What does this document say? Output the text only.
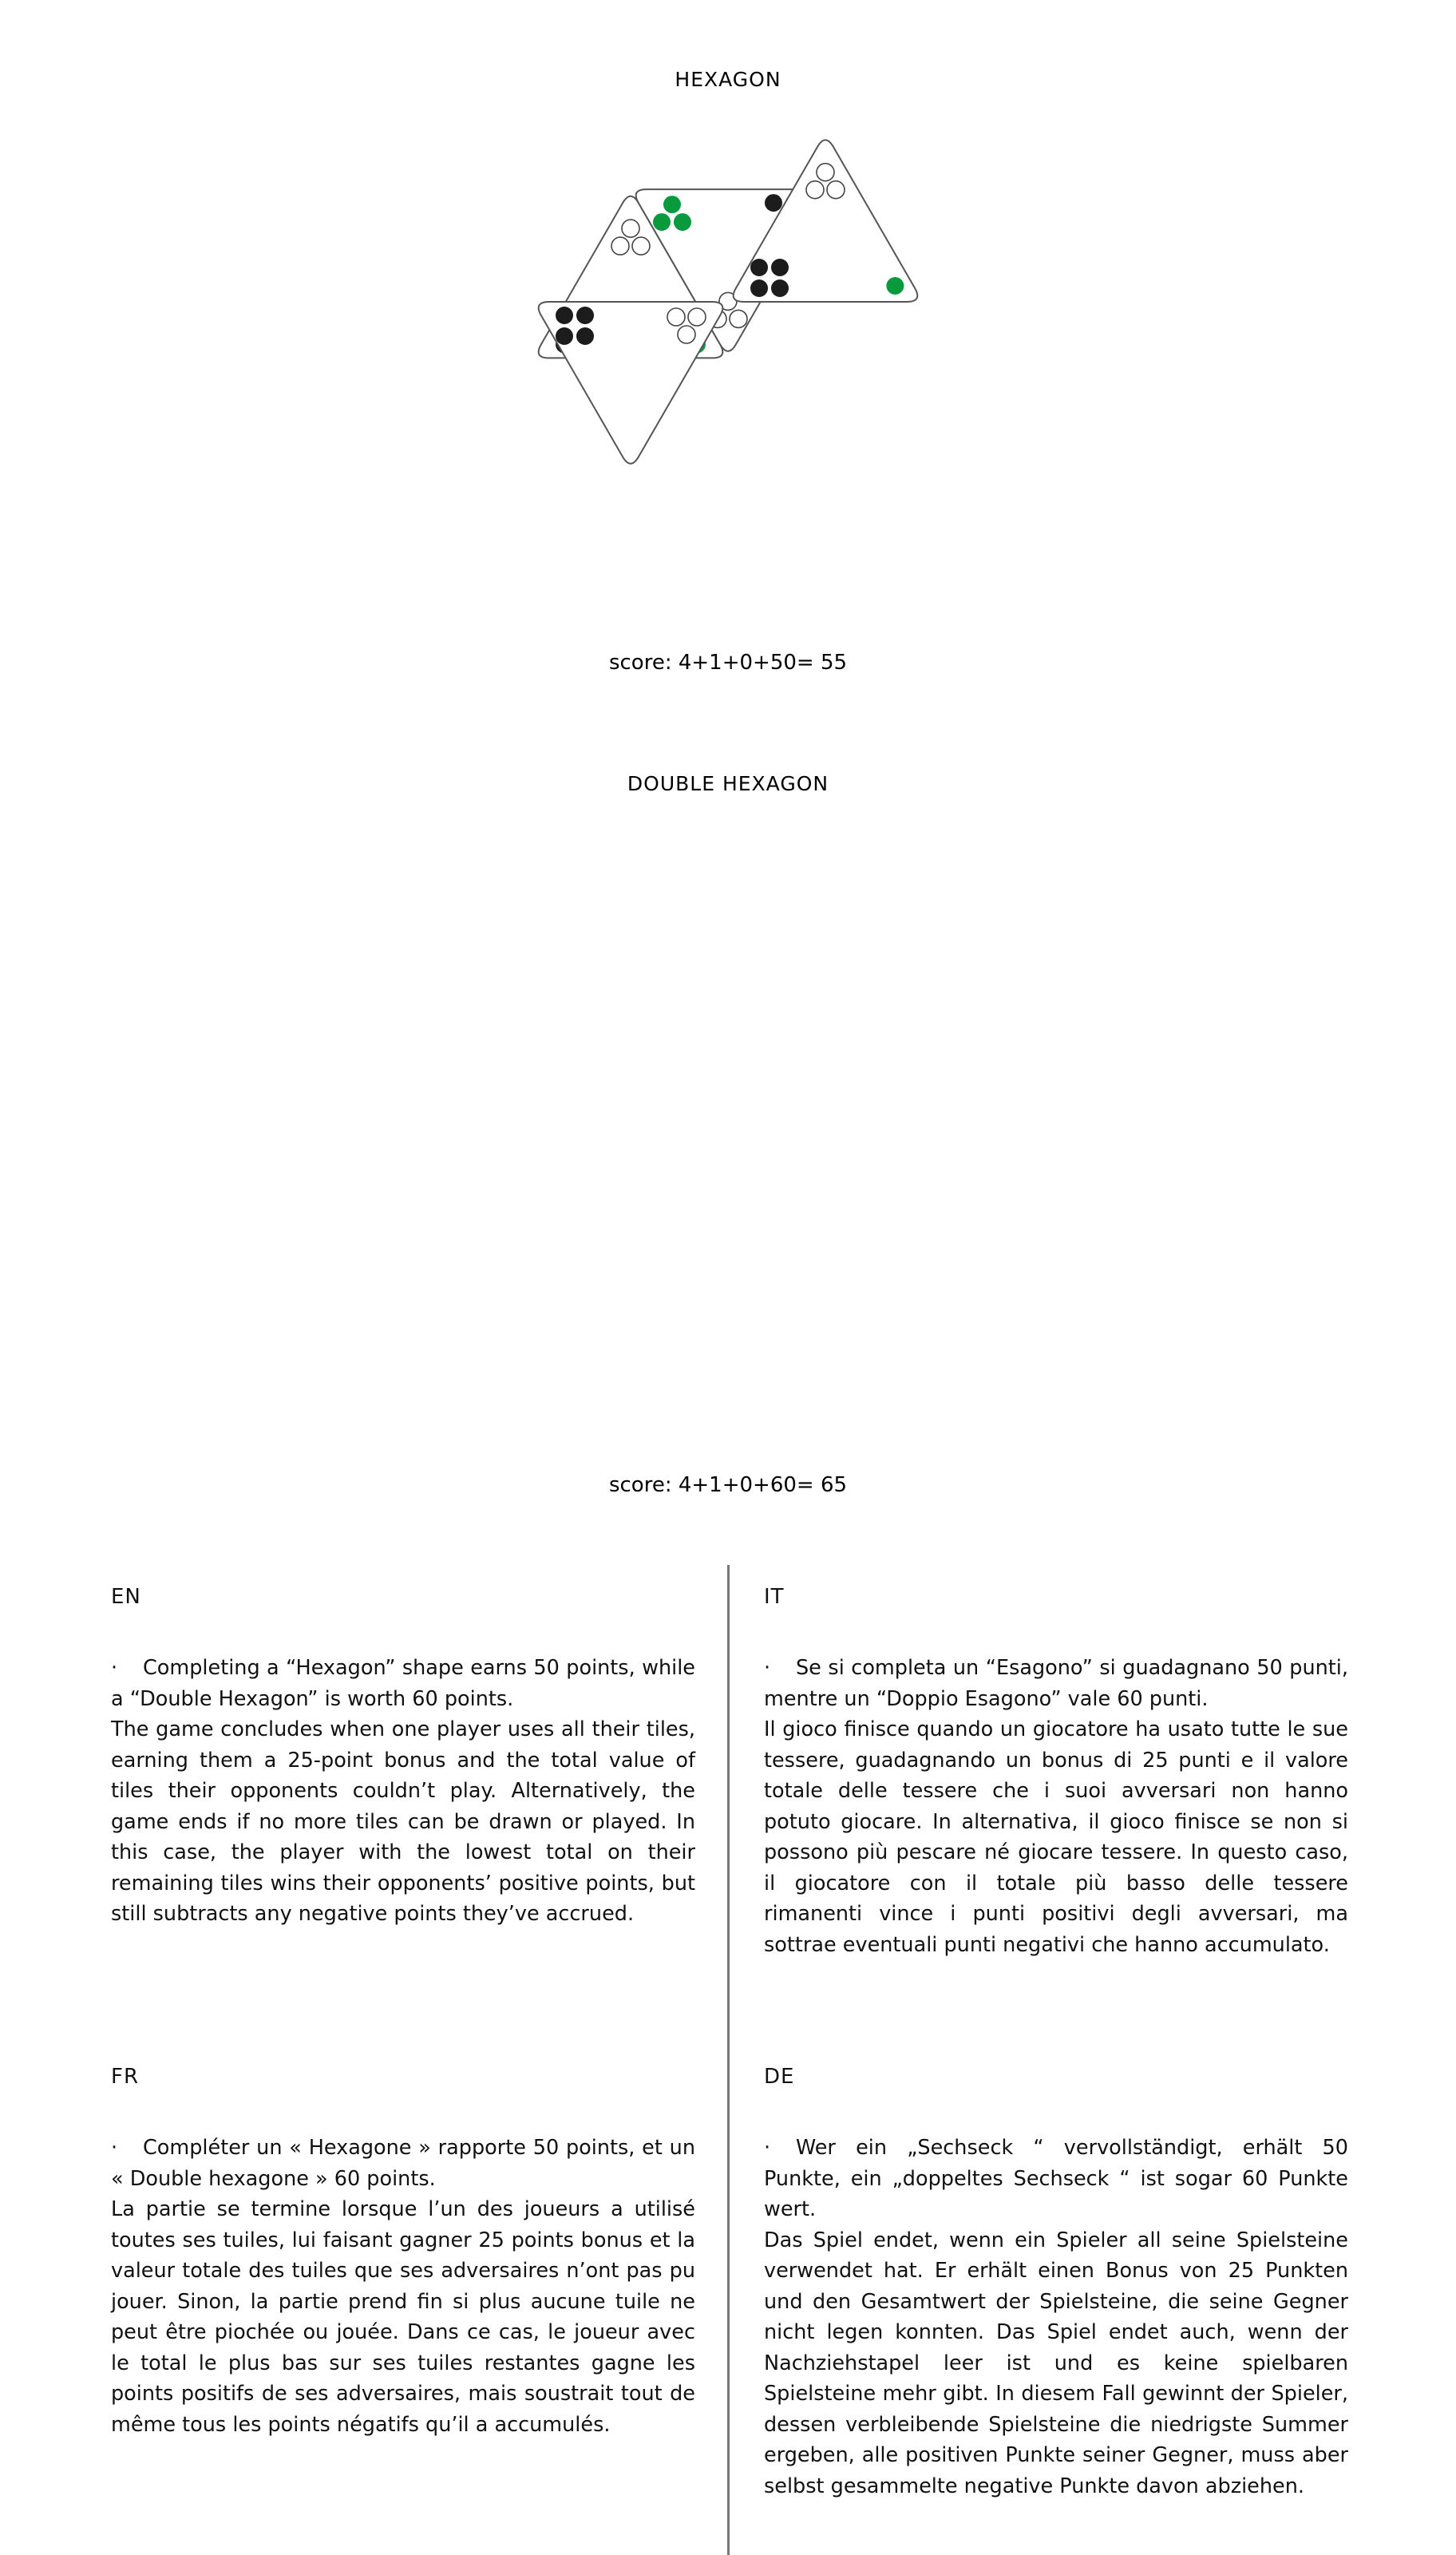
HEXAGON
score: 4+1+0+50= 55
DOUBLE HEXAGON
score: 4+1+0+60= 65
EN

· Completing a “Hexagon” shape earns 50 points, while a “Double Hexagon” is worth 60 points.

The game concludes when one player uses all their tiles, earning them a 25-point bonus and the total value of tiles their opponents couldn’t play. Alternatively, the game ends if no more tiles can be drawn or played. In this case, the player with the lowest total on their remaining tiles wins their opponents’ positive points, but still subtracts any negative points they’ve accrued.

IT

· Se si completa un “Esagono” si guadagnano 50 punti, mentre un “Doppio Esagono” vale 60 punti.

Il gioco finisce quando un giocatore ha usato tutte le sue tessere, guadagnando un bonus di 25 punti e il valore totale delle tessere che i suoi avversari non hanno potuto giocare. In alternativa, il gioco finisce se non si possono più pescare né giocare tessere. In questo caso, il giocatore con il totale più basso delle tessere rimanenti vince i punti positivi degli avversari, ma sottrae eventuali punti negativi che hanno accumulato.

FR

· Compléter un « Hexagone » rapporte 50 points, et un « Double hexagone » 60 points.

La partie se termine lorsque l’un des joueurs a utilisé toutes ses tuiles, lui faisant gagner 25 points bonus et la valeur totale des tuiles que ses adversaires n’ont pas pu jouer. Sinon, la partie prend fin si plus aucune tuile ne peut être piochée ou jouée. Dans ce cas, le joueur avec le total le plus bas sur ses tuiles restantes gagne les points positifs de ses adversaires, mais soustrait tout de même tous les points négatifs qu’il a accumulés.

DE

· Wer ein „Sechseck “ vervollständigt, erhält 50 Punkte, ein „doppeltes Sechseck “ ist sogar 60 Punkte wert.

Das Spiel endet, wenn ein Spieler all seine Spielsteine verwendet hat. Er erhält einen Bonus von 25 Punkten und den Gesamtwert der Spielsteine, die seine Gegner nicht legen konnten. Das Spiel endet auch, wenn der Nachziehstapel leer ist und es keine spielbaren Spielsteine mehr gibt. In diesem Fall gewinnt der Spieler, dessen verbleibende Spielsteine die niedrigste Summer ergeben, alle positiven Punkte seiner Gegner, muss aber selbst gesammelte negative Punkte davon abziehen.
